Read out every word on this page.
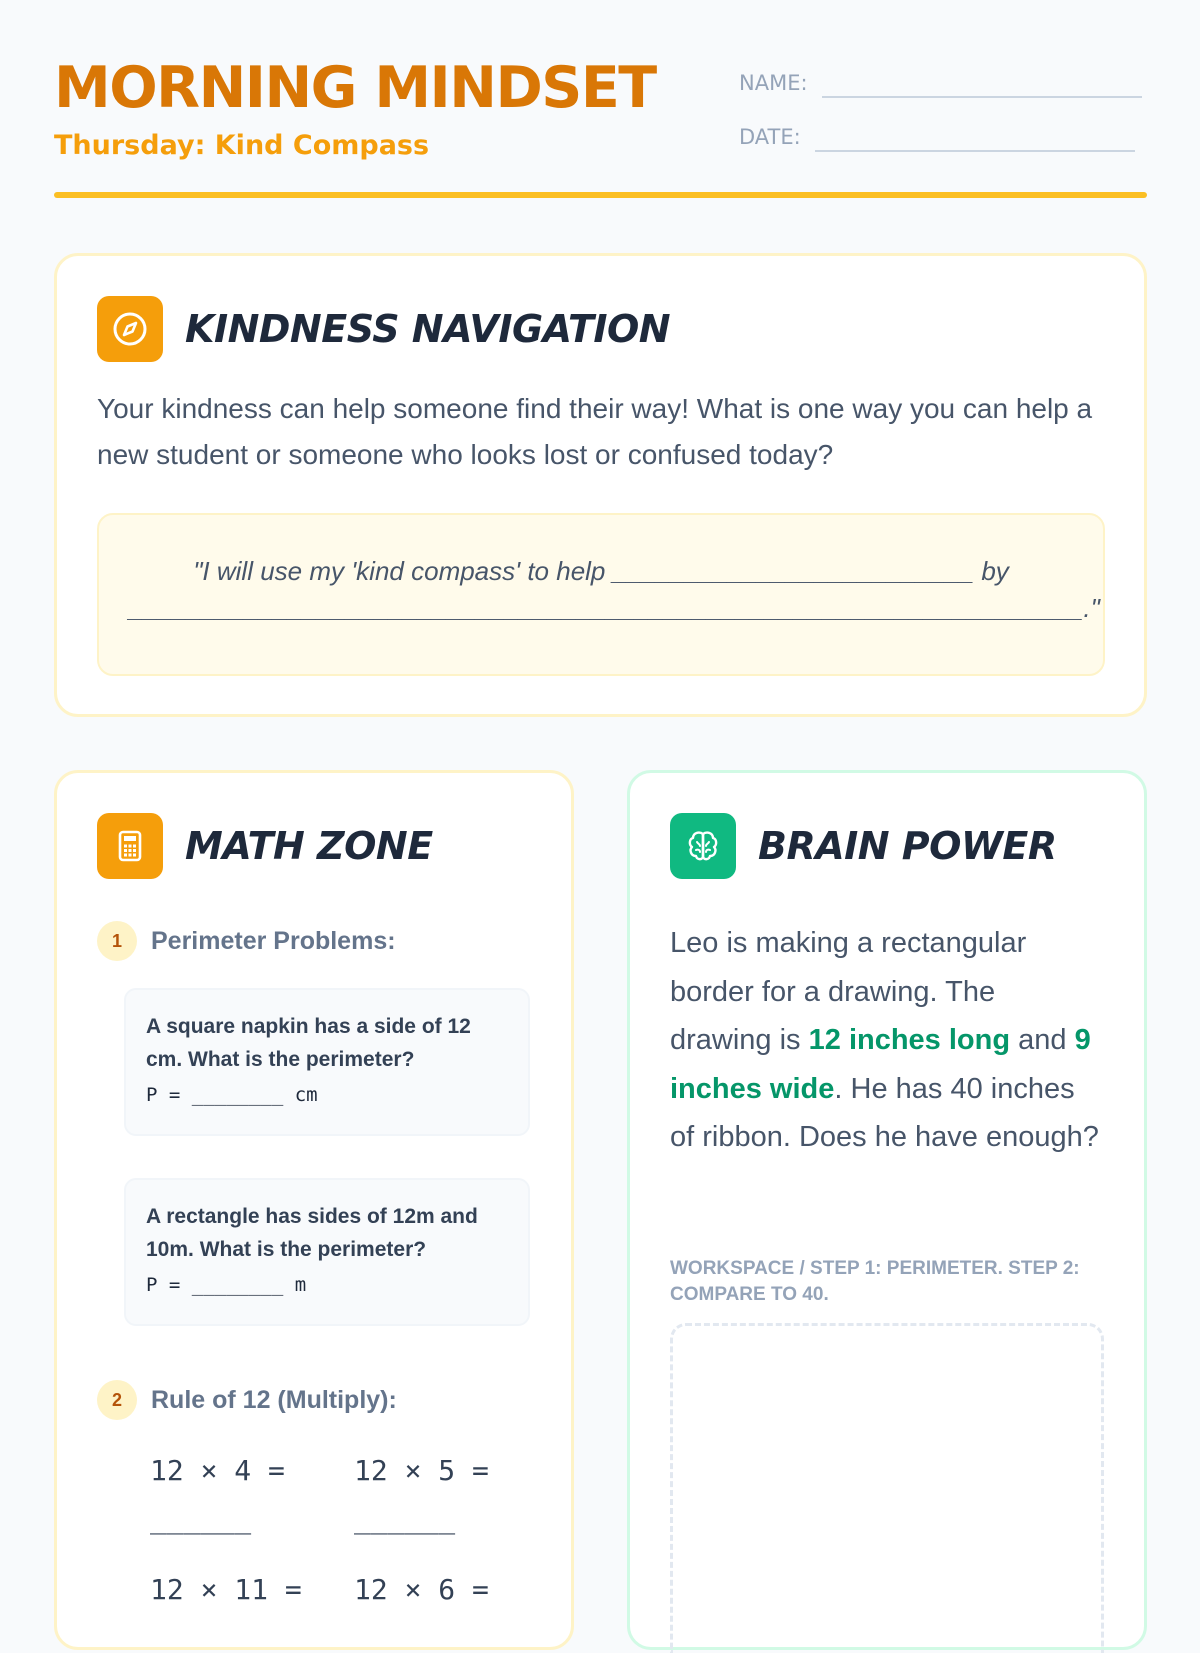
MORNING MINDSET
Thursday: Kind Compass
NAME:
DATE:
KINDNESS NAVIGATION

Your kindness can help someone find their way! What is one way you can help a new student or someone who looks lost or confused today?

"I will use my 'kind compass' to help _________________________ by
__________________________________________________________________."
MATH ZONE
1	Perimeter Problems:

A square napkin has a side of 12 cm. What is the perimeter?

P = ________ cm

A rectangle has sides of 12m and 10m. What is the perimeter?

P = ________ m
2	Rule of 12 (Multiply):
12 × 4 =
______
12 × 5 =
______
12 × 11 = 12 × 6 =
BRAIN POWER

Leo is making a rectangular border for a drawing. The drawing is 12 inches long and 9 inches wide. He has 40 inches of ribbon. Does he have enough?

WORKSPACE / STEP 1: PERIMETER. STEP 2: COMPARE TO 40.
